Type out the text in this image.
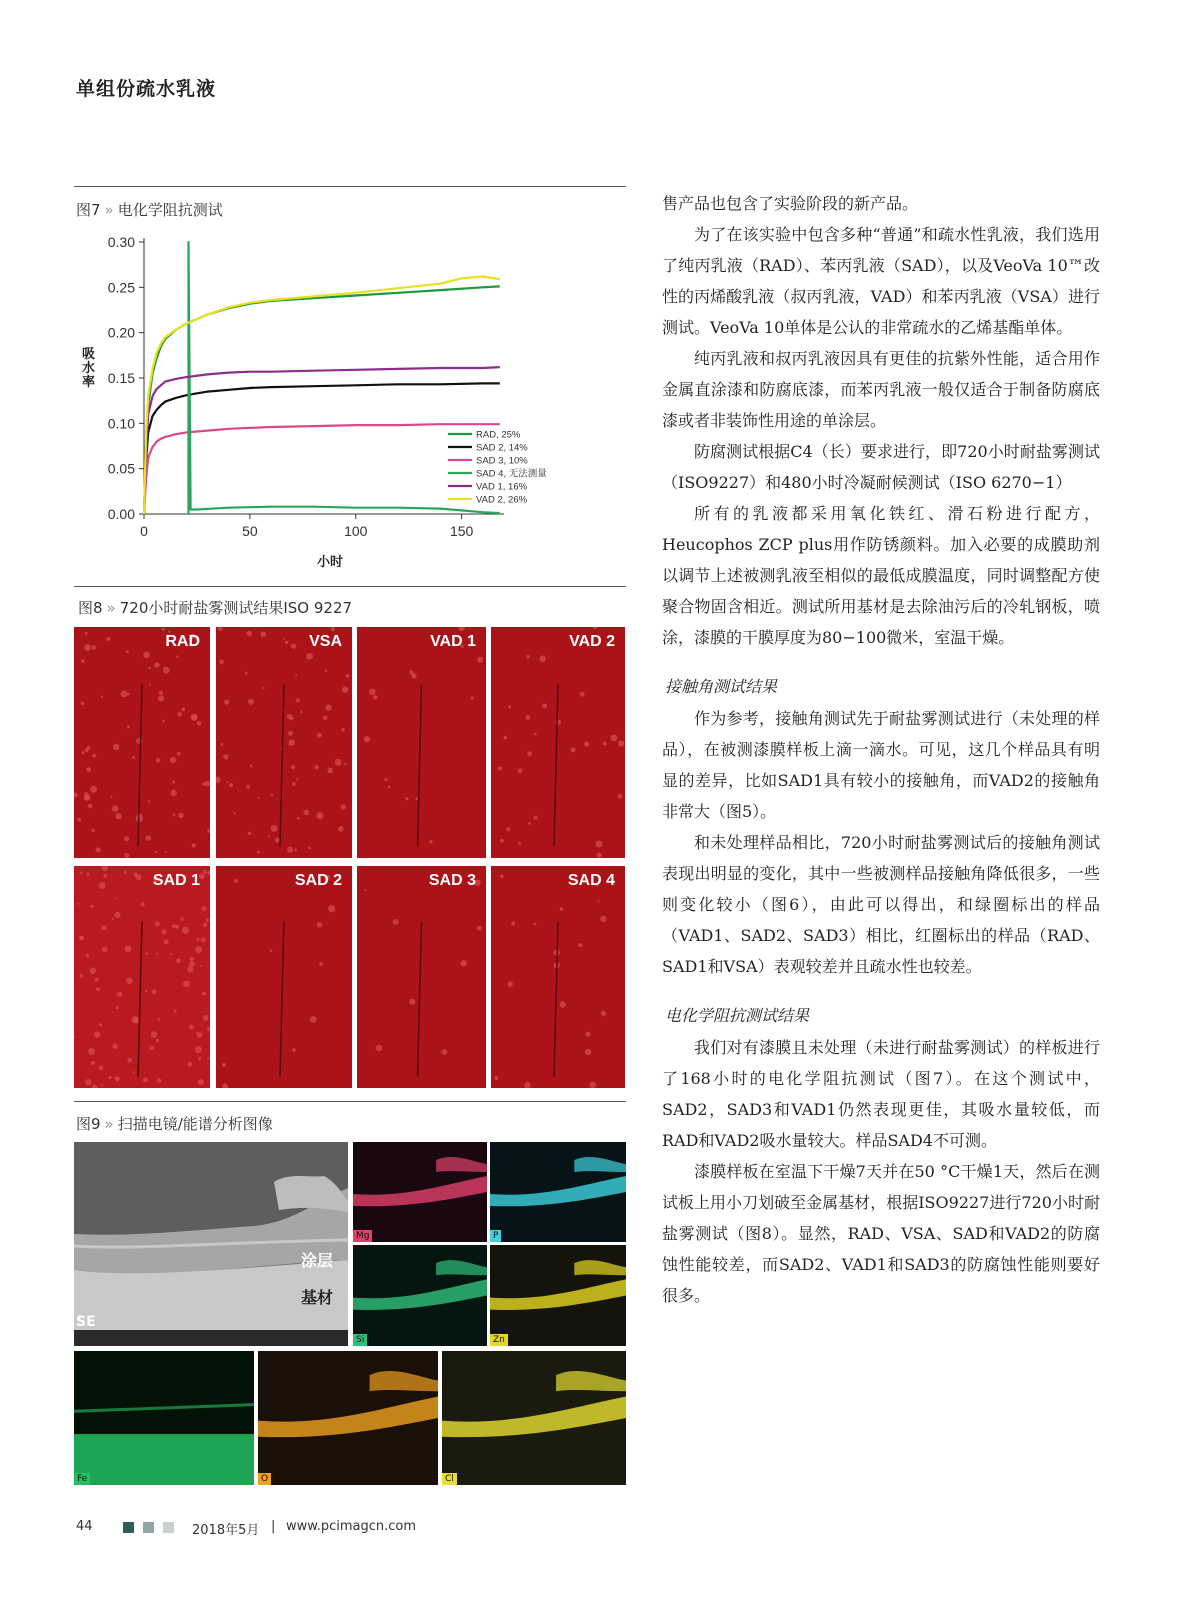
单组份疏水乳液
图7 » 电化学阻抗测试
0.00
0.05
0.10
0.15
0.20
0.25
0.30
0	50	100	150
小时
吸
水
率
RAD, 25%
SAD 2, 14%
SAD 3, 10%
SAD 4, 无法测量
VAD 1, 16%
VAD 2, 26%
图8 » 720小时耐盐雾测试结果ISO 9227
RAD	VSA	VAD 1	VAD 2
SAD 1	SAD 2	SAD 3	SAD 4
图9 » 扫描电镜/能谱分析图像
涂层
基材
SE
Mg	P
Si	Zn
Fe	O	Cl

售产品也包含了实验阶段的新产品。

为了在该实验中包含多种“普通”和疏水性乳液，我们选用了纯丙乳液（RAD）、苯丙乳液（SAD），以及VeoVa 10™改性的丙烯酸乳液（叔丙乳液，VAD）和苯丙乳液（VSA）进行测试。VeoVa 10单体是公认的非常疏水的乙烯基酯单体。

纯丙乳液和叔丙乳液因具有更佳的抗紫外性能，适合用作金属直涂漆和防腐底漆，而苯丙乳液一般仅适合于制备防腐底漆或者非装饰性用途的单涂层。

防腐测试根据C4（长）要求进行，即720小时耐盐雾测试（ISO9227）和480小时冷凝耐候测试（ISO 6270−1）

所有的乳液都采用氧化铁红、滑石粉进行配方，Heucophos ZCP plus用作防锈颜料。加入必要的成膜助剂以调节上述被测乳液至相似的最低成膜温度，同时调整配方使聚合物固含相近。测试所用基材是去除油污后的冷轧钢板，喷涂，漆膜的干膜厚度为80−100微米，室温干燥。

接触角测试结果

作为参考，接触角测试先于耐盐雾测试进行（未处理的样品），在被测漆膜样板上滴一滴水。可见，这几个样品具有明显的差异，比如SAD1具有较小的接触角，而VAD2的接触角非常大（图5）。

和未处理样品相比，720小时耐盐雾测试后的接触角测试表现出明显的变化，其中一些被测样品接触角降低很多，一些则变化较小（图6），由此可以得出，和绿圈标出的样品（VAD1、SAD2、SAD3）相比，红圈标出的样品（RAD、SAD1和VSA）表观较差并且疏水性也较差。

电化学阻抗测试结果

我们对有漆膜且未处理（未进行耐盐雾测试）的样板进行了168小时的电化学阻抗测试（图7）。在这个测试中，SAD2，SAD3和VAD1仍然表现更佳，其吸水量较低，而RAD和VAD2吸水量较大。样品SAD4不可测。

漆膜样板在室温下干燥7天并在50 °C干燥1天，然后在测试板上用小刀划破至金属基材，根据ISO9227进行720小时耐盐雾测试（图8）。显然，RAD、VSA、SAD和VAD2的防腐蚀性能较差，而SAD2、VAD1和SAD3的防腐蚀性能则要好很多。

44	2018年5月 | www.pcimagcn.com
